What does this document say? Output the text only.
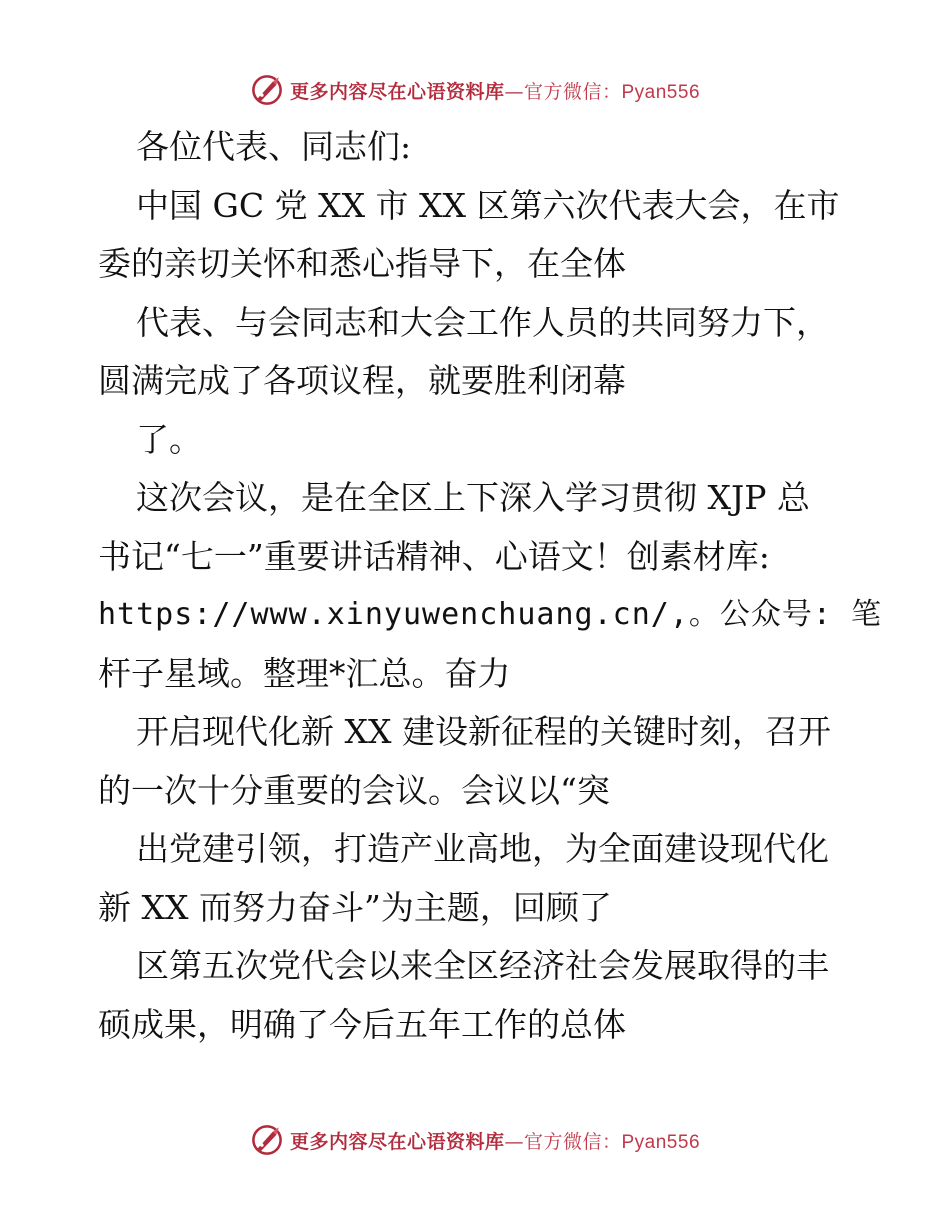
更多内容尽在心语资料库—官方微信：Pyan556
各位代表、同志们:
中国 GC 党 XX 市 XX 区第六次代表大会，在市
委的亲切关怀和悉心指导下，在全体
代表、与会同志和大会工作人员的共同努力下，
圆满完成了各项议程，就要胜利闭幕
了。
这次会议，是在全区上下深入学习贯彻 XJP 总
书记“七一”重要讲话精神、心语文！创素材库:
https://www.xinyuwenchuang.cn/,。公众号: 笔
杆子星域。整理*汇总。奋力
开启现代化新 XX 建设新征程的关键时刻，召开
的一次十分重要的会议。会议以“突
出党建引领，打造产业高地，为全面建设现代化
新 XX 而努力奋斗”为主题，回顾了
区第五次党代会以来全区经济社会发展取得的丰
硕成果，明确了今后五年工作的总体
更多内容尽在心语资料库—官方微信：Pyan556
